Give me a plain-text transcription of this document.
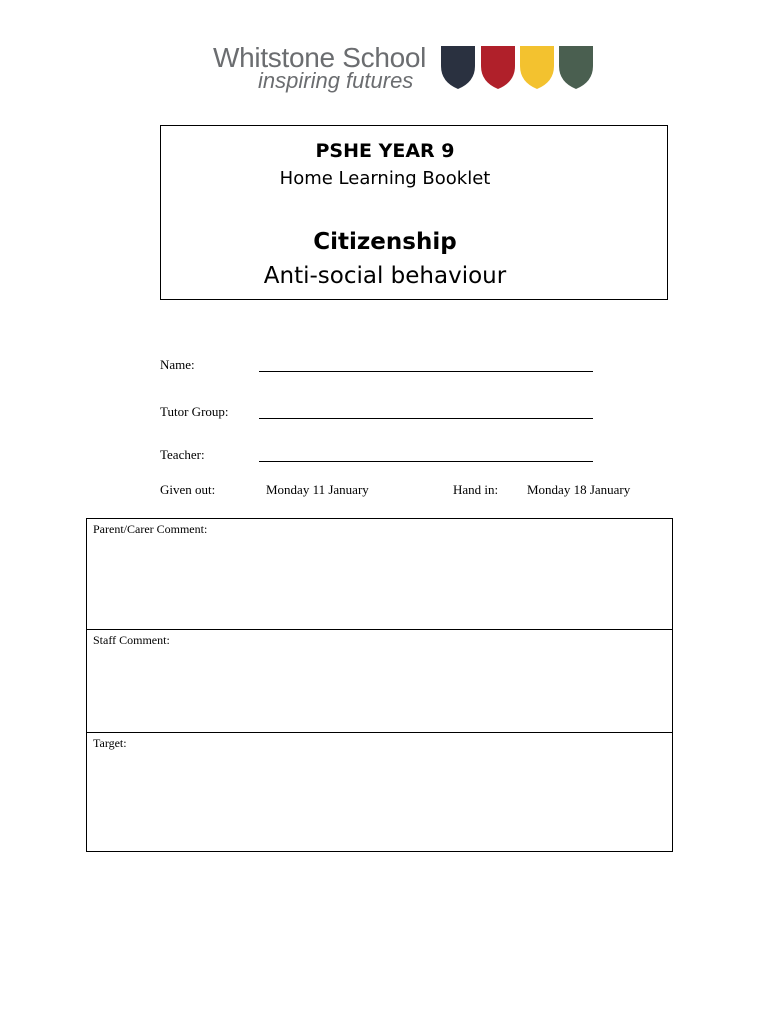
Whitstone School
inspiring futures
PSHE YEAR 9
Home Learning Booklet
Citizenship
Anti-social behaviour
Name:
Tutor Group:
Teacher:
Given out:	Monday 11 January	Hand in: Monday 18 January
Parent/Carer Comment:
Staff Comment:
Target:
